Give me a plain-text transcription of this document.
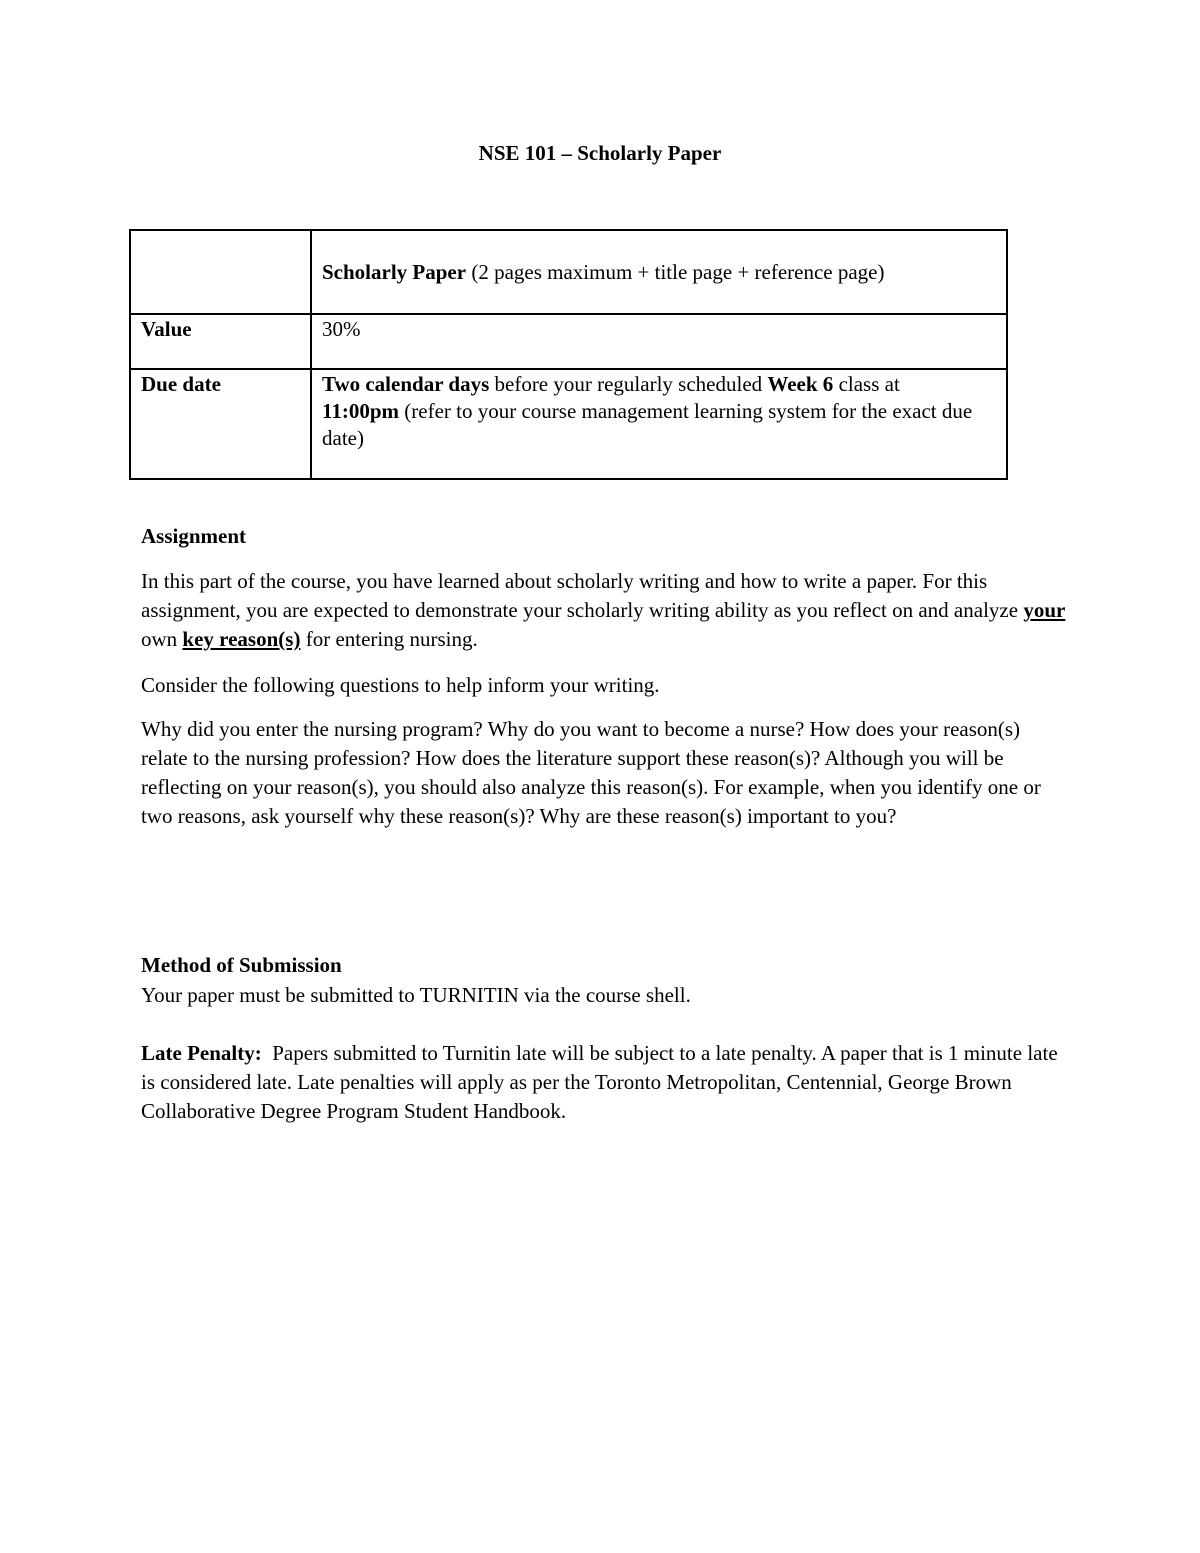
NSE 101 – Scholarly Paper
	Scholarly Paper (2 pages maximum + title page + reference page)
Value	30%
Due date	Two calendar days before your regularly scheduled Week 6 class at
11:00pm (refer to your course management learning system for the exact due date)
Assignment

In this part of the course, you have learned about scholarly writing and how to write a paper. For this assignment, you are expected to demonstrate your scholarly writing ability as you reflect on and analyze your own key reason(s) for entering nursing.

Consider the following questions to help inform your writing.

Why did you enter the nursing program? Why do you want to become a nurse? How does your reason(s) relate to the nursing profession? How does the literature support these reason(s)? Although you will be reflecting on your reason(s), you should also analyze this reason(s). For example, when you identify one or two reasons, ask yourself why these reason(s)? Why are these reason(s) important to you?

Method of Submission

Your paper must be submitted to TURNITIN via the course shell.

Late Penalty:  Papers submitted to Turnitin late will be subject to a late penalty. A paper that is 1 minute late is considered late. Late penalties will apply as per the Toronto Metropolitan, Centennial, George Brown Collaborative Degree Program Student Handbook.
